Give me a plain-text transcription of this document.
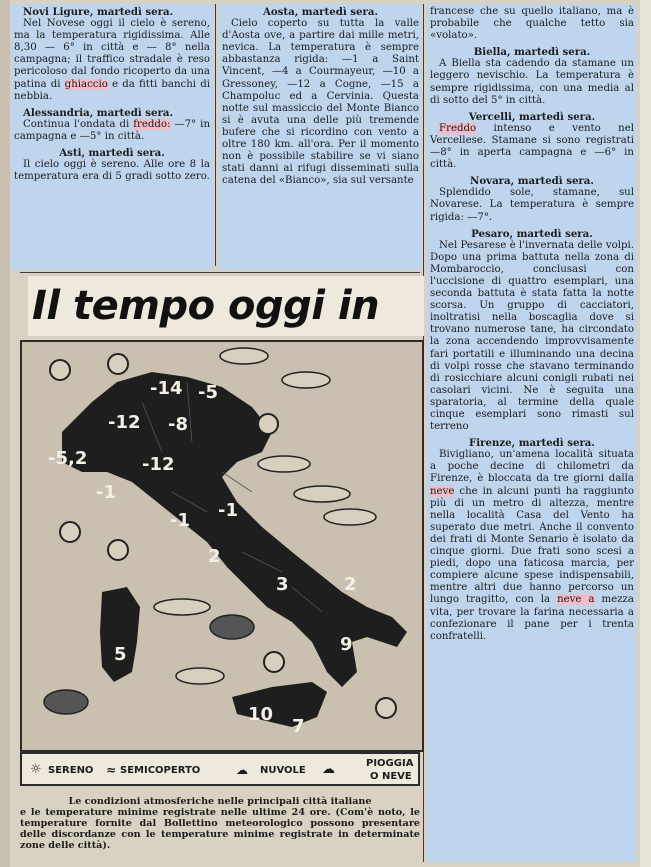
Novi Ligure, martedì sera.

Nel Novese oggi il cielo è sereno, ma la temperatura rigidissima. Alle 8,30 — 6° in città e — 8° nella campagna; il traffico stradale è reso pericoloso dal fondo ricoperto da una patina di ghiaccio e da fitti banchi di nebbia.

Alessandria, martedì sera.

Continua l'ondata di freddo: —7° in campagna e —5° in città.

Asti, martedì sera.

Il cielo oggi è sereno. Alle ore 8 la temperatura era di 5 gradi sotto zero.

Aosta, martedì sera.

Cielo coperto su tutta la valle d'Aosta ove, a partire dai mille metri, nevica. La temperatura è sempre abbastanza rigida: —1 a Saint Vincent, —4 a Courmayeur, —10 a Gressoney, —12 a Cogne, —15 a Champoluc ed a Cervinia. Questa notte sul massiccio del Monte Bianco si è avuta una delle più tremende bufere che si ricordino con vento a oltre 180 km. all'ora. Per il momento non è possibile stabilire se vi siano stati danni ai rifugi disseminati sulla catena del «Bianco», sia sul versante

francese che su quello italiano, ma è probabile che qualche tetto sia «volato».

Biella, martedì sera.

A Biella sta cadendo da stamane un leggero nevischio. La temperatura è sempre rigidissima, con una media al di sotto del 5° in città.

Vercelli, martedì sera.

Freddo intenso e vento nel Vercellese. Stamane si sono registrati —8° in aperta campagna e —6° in città.

Novara, martedì sera.

Splendido sole, stamane, sul Novarese. La temperatura è sempre rigida: —7°.

Pesaro, martedì sera.

Nel Pesarese è l'invernata delle volpi. Dopo una prima battuta nella zona di Mombaroccio, conclusasi con l'uccisione di quattro esemplari, una seconda battuta è stata fatta la notte scorsa. Un gruppo di cacciatori, inoltratisi nella boscaglia dove si trovano numerose tane, ha circondato la zona accendendo improvvisamente fari portatili e illuminando una decina di volpi rosse che stavano terminando di rosicchiare alcuni conigli rubati nei casolari vicini. Ne è seguita una sparatoria, al termine della quale cinque esemplari sono rimasti sul terreno

Firenze, martedì sera.

Bivigliano, un'amena località situata a poche decine di chilometri da Firenze, è bloccata da tre giorni dalla neve che in alcuni punti ha raggiunto più di un metro di altezza, mentre nella località Casa del Vento ha superato due metri. Anche il convento dei frati di Monte Senario è isolato da cinque giorni. Due frati sono scesi a piedi, dopo una faticosa marcia, per compiere alcune spese indispensabili, mentre altri due hanno percorso un lungo tragitto, con la neve a mezza vita, per trovare la farina necessaria a confezionare il pane per i trenta confratelli.

Il tempo oggi in
-14 -5
-12 -8
-5,2	-12
-1
-1 -1
2
3	2
9
5
10
7
☼ SERENO ≈ SEMICOPERTO	☁ NUVOLE ☁	PIOGGIA
O NEVE
Le condizioni atmosferiche nelle principali città italiane
e le temperature minime registrate nelle ultime 24 ore. (Com'è noto, le temperature fornite dal Bollettino meteorologico possono presentare delle discordanze con le temperature minime registrate in determinate zone delle città).
